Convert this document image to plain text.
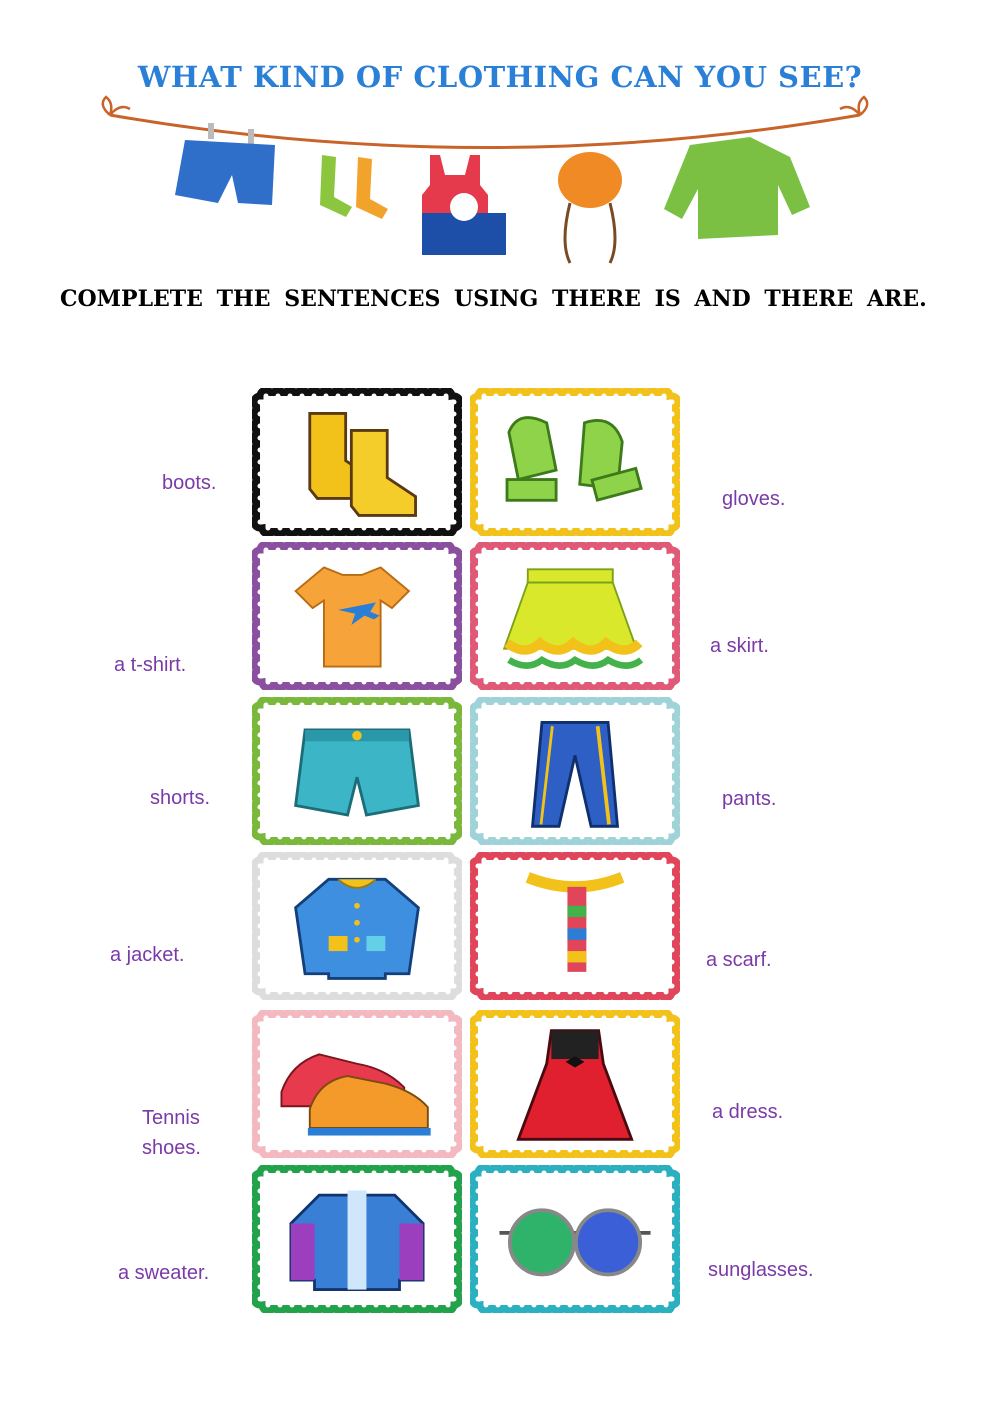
WHAT KIND OF CLOTHING CAN YOU SEE?
COMPLETE THE SENTENCES USING THERE IS AND THERE ARE.
boots.
gloves.
a t-shirt.
a skirt.
shorts.	pants.
a jacket.	a scarf.
Tennis
shoes.
a dress.
a sweater.	sunglasses.
